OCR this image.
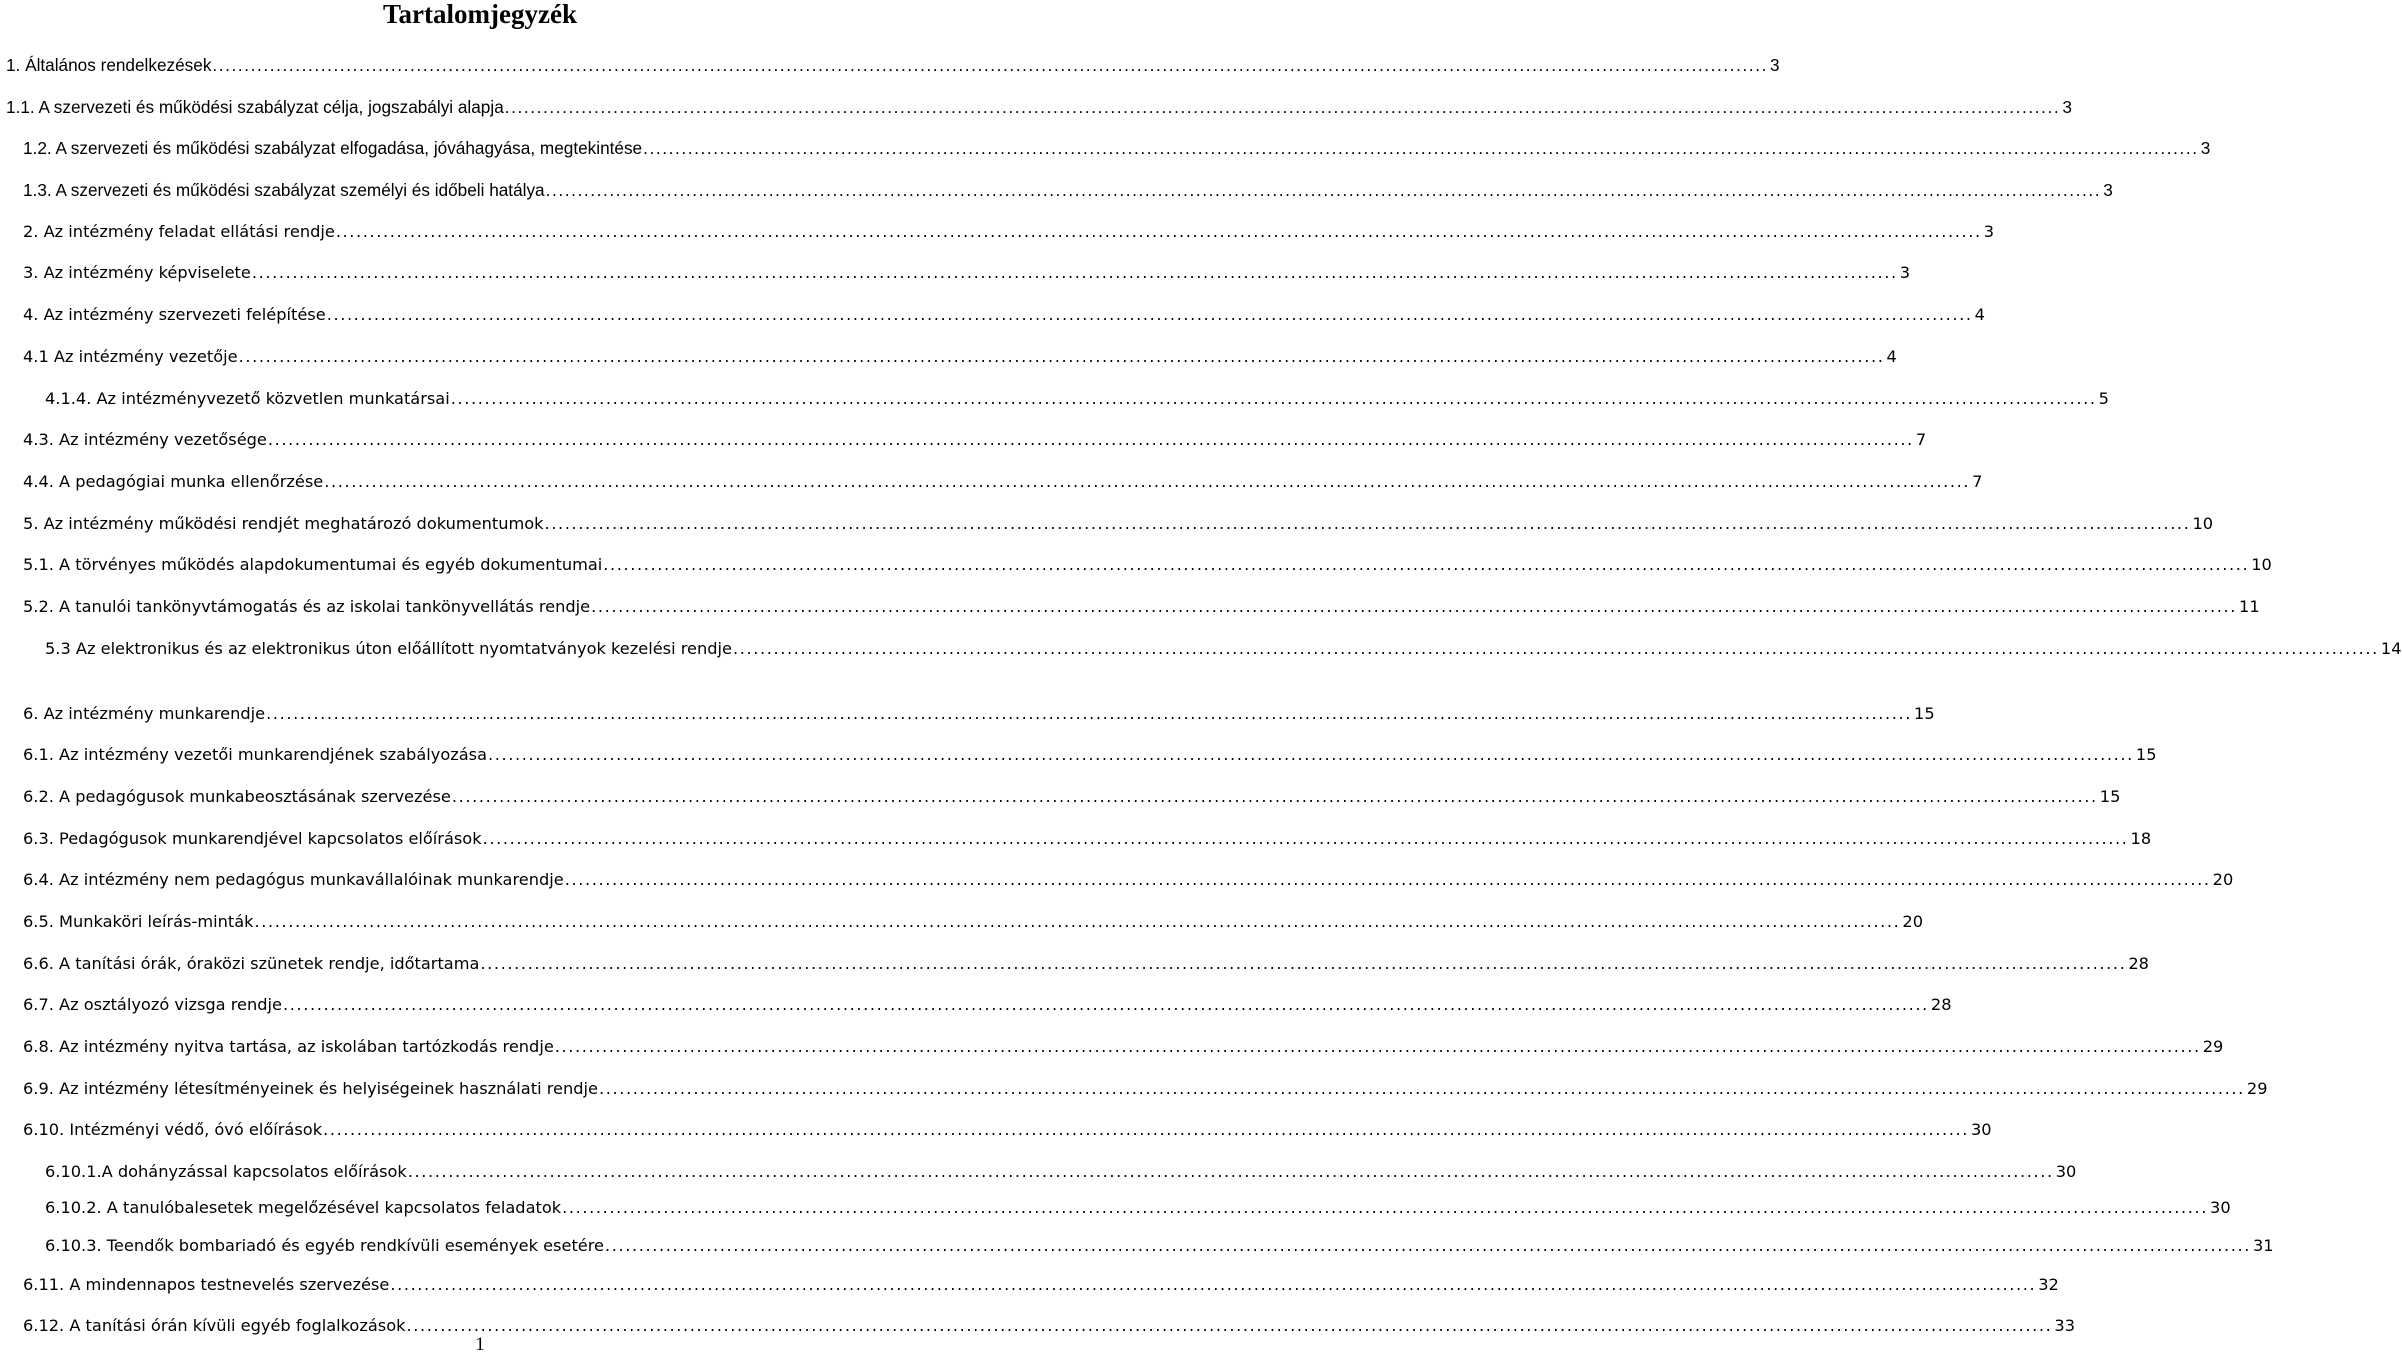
Tartalomjegyzék
1. Általános rendelkezések .................................................................................................................................................................................................................................................... 3
1.1. A szervezeti és működési szabályzat célja, jogszabályi alapja .................................................................................................................................................................................................................................................... 3
1.2. A szervezeti és működési szabályzat elfogadása, jóváhagyása, megtekintése .................................................................................................................................................................................................................................................... 3
1.3. A szervezeti és működési szabályzat személyi és időbeli hatálya .................................................................................................................................................................................................................................................... 3
2. Az intézmény feladat ellátási rendje .................................................................................................................................................................................................................................................... 3
3. Az intézmény képviselete .................................................................................................................................................................................................................................................... 3
4. Az intézmény szervezeti felépítése .................................................................................................................................................................................................................................................... 4
4.1 Az intézmény vezetője .................................................................................................................................................................................................................................................... 4
4.1.4. Az intézményvezető közvetlen munkatársai .................................................................................................................................................................................................................................................... 5
4.3. Az intézmény vezetősége .................................................................................................................................................................................................................................................... 7
4.4. A pedagógiai munka ellenőrzése .................................................................................................................................................................................................................................................... 7
5. Az intézmény működési rendjét meghatározó dokumentumok .................................................................................................................................................................................................................................................... 10
5.1. A törvényes működés alapdokumentumai és egyéb dokumentumai .................................................................................................................................................................................................................................................... 10
5.2. A tanulói tankönyvtámogatás és az iskolai tankönyvellátás rendje .................................................................................................................................................................................................................................................... 11
5.3 Az elektronikus és az elektronikus úton előállított nyomtatványok kezelési rendje .................................................................................................................................................................................................................................................... 14
6. Az intézmény munkarendje .................................................................................................................................................................................................................................................... 15
6.1. Az intézmény vezetői munkarendjének szabályozása .................................................................................................................................................................................................................................................... 15
6.2. A pedagógusok munkabeosztásának szervezése .................................................................................................................................................................................................................................................... 15
6.3. Pedagógusok munkarendjével kapcsolatos előírások .................................................................................................................................................................................................................................................... 18
6.4. Az intézmény nem pedagógus munkavállalóinak munkarendje .................................................................................................................................................................................................................................................... 20
6.5. Munkaköri leírás-minták .................................................................................................................................................................................................................................................... 20
6.6. A tanítási órák, óraközi szünetek rendje, időtartama .................................................................................................................................................................................................................................................... 28
6.7. Az osztályozó vizsga rendje .................................................................................................................................................................................................................................................... 28
6.8. Az intézmény nyitva tartása, az iskolában tartózkodás rendje .................................................................................................................................................................................................................................................... 29
6.9. Az intézmény létesítményeinek és helyiségeinek használati rendje .................................................................................................................................................................................................................................................... 29
6.10. Intézményi védő, óvó előírások .................................................................................................................................................................................................................................................... 30
6.10.1.A dohányzással kapcsolatos előírások .................................................................................................................................................................................................................................................... 30
6.10.2. A tanulóbalesetek megelőzésével kapcsolatos feladatok .................................................................................................................................................................................................................................................... 30
6.10.3. Teendők bombariadó és egyéb rendkívüli események esetére .................................................................................................................................................................................................................................................... 31
6.11. A mindennapos testnevelés szervezése .................................................................................................................................................................................................................................................... 32
6.12. A tanítási órán kívüli egyéb foglalkozások .................................................................................................................................................................................................................................................... 33
1
